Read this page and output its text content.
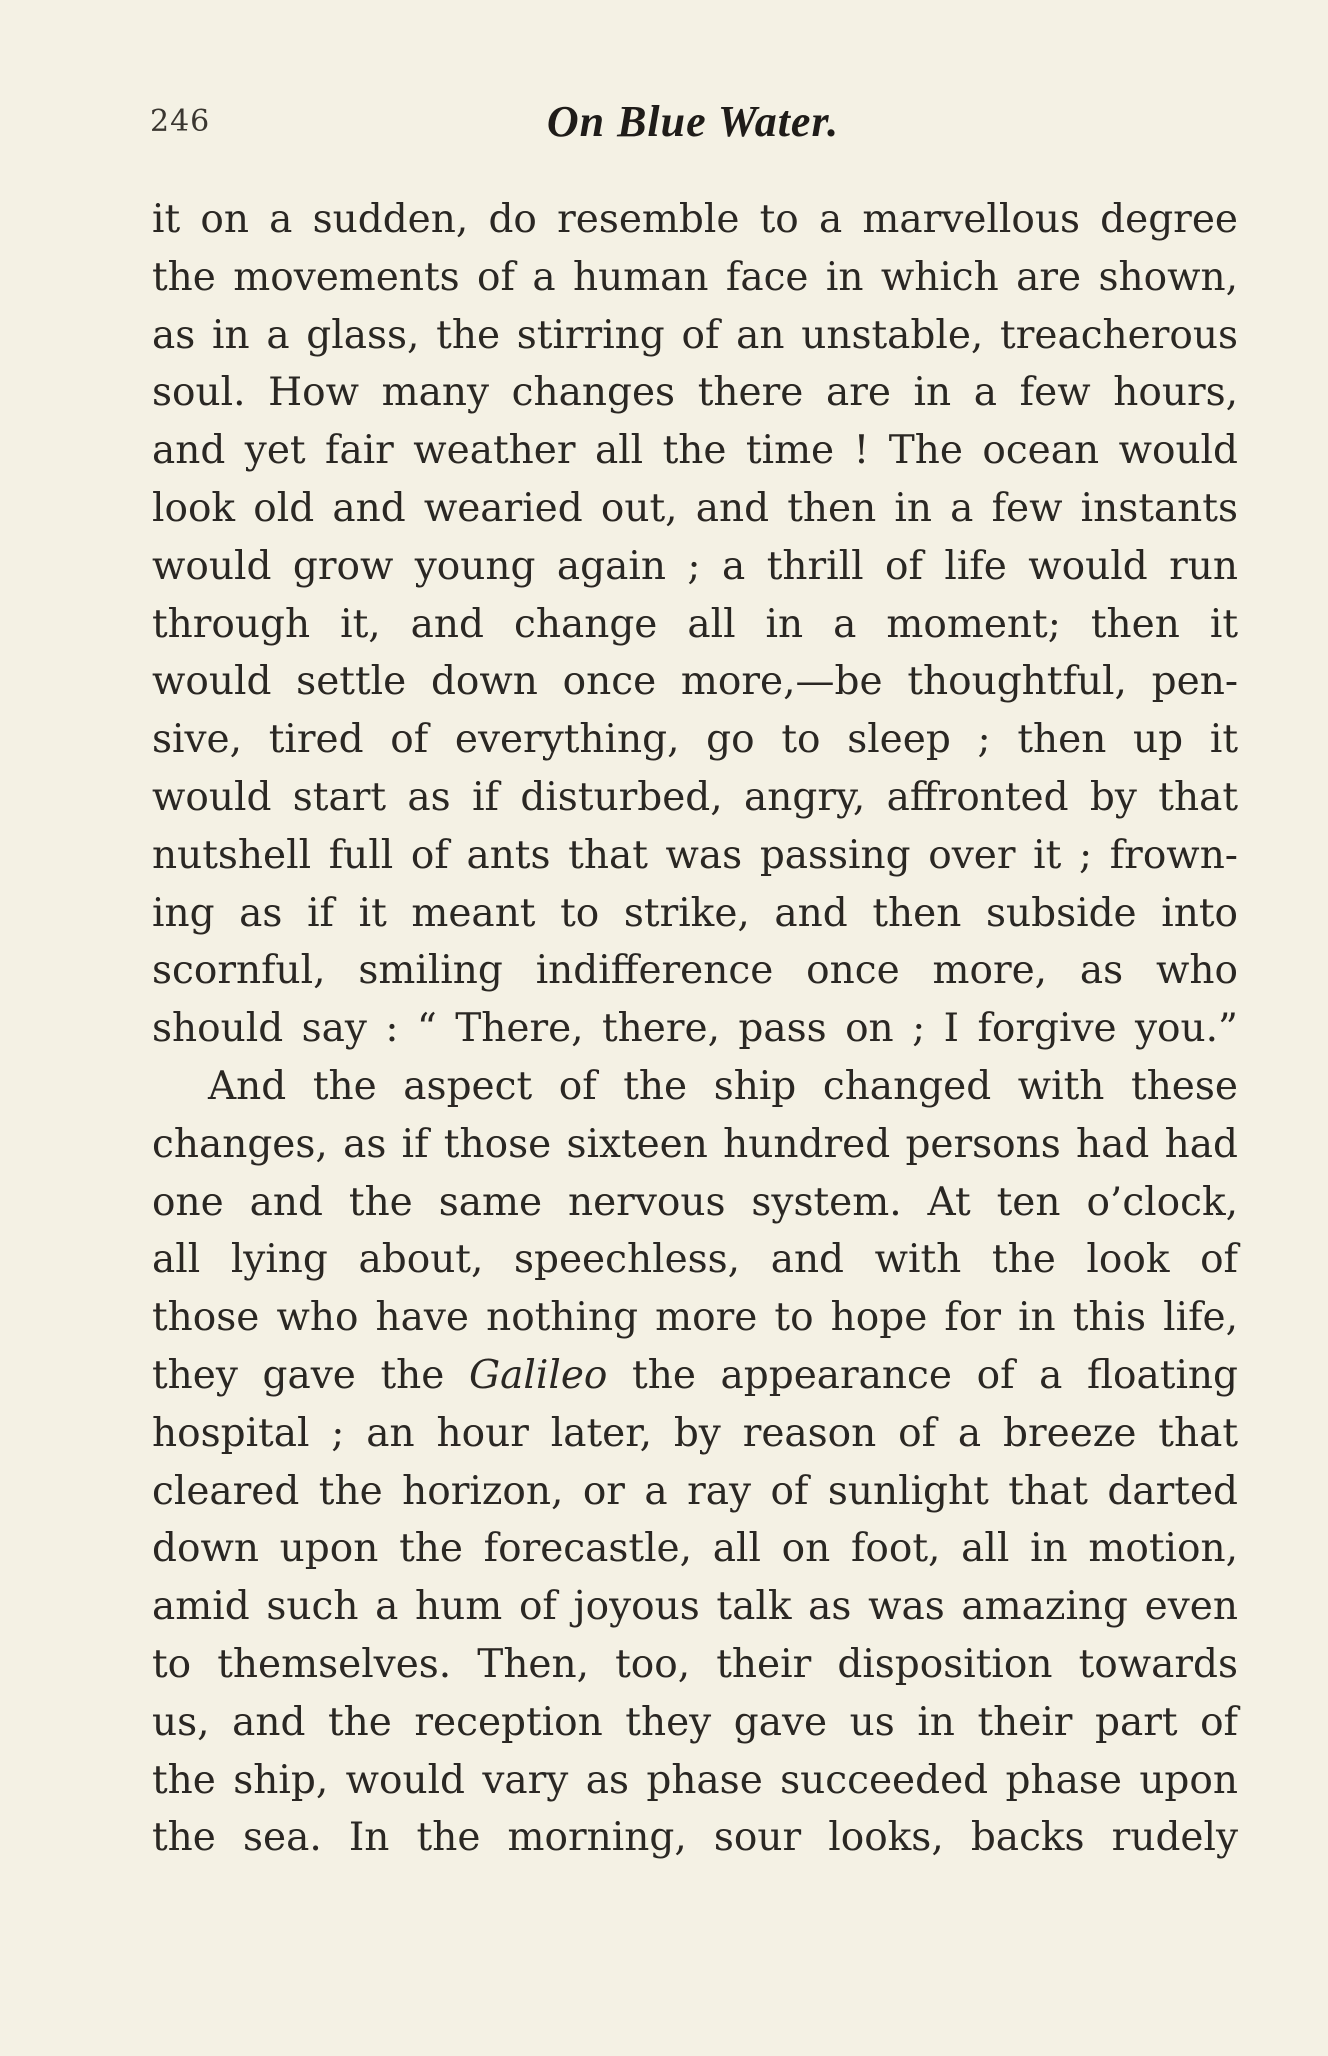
246	On Blue Water.
it on a sudden, do resemble to a marvellous degree
the movements of a human face in which are shown,
as in a glass, the stirring of an unstable, treacherous
soul. How many changes there are in a few hours,
and yet fair weather all the time ! The ocean would
look old and wearied out, and then in a few instants
would grow young again ; a thrill of life would run
through it, and change all in a moment; then it
would settle down once more,—be thoughtful, pen-
sive, tired of everything, go to sleep ; then up it
would start as if disturbed, angry, affronted by that
nutshell full of ants that was passing over it ; frown-
ing as if it meant to strike, and then subside into
scornful, smiling indifference once more, as who
should say : “ There, there, pass on ; I forgive you.”
And the aspect of the ship changed with these
changes, as if those sixteen hundred persons had had
one and the same nervous system. At ten o’clock,
all lying about, speechless, and with the look of
those who have nothing more to hope for in this life,
they gave the Galileo the appearance of a floating
hospital ; an hour later, by reason of a breeze that
cleared the horizon, or a ray of sunlight that darted
down upon the forecastle, all on foot, all in motion,
amid such a hum of joyous talk as was amazing even
to themselves. Then, too, their disposition towards
us, and the reception they gave us in their part of
the ship, would vary as phase succeeded phase upon
the sea. In the morning, sour looks, backs rudely
